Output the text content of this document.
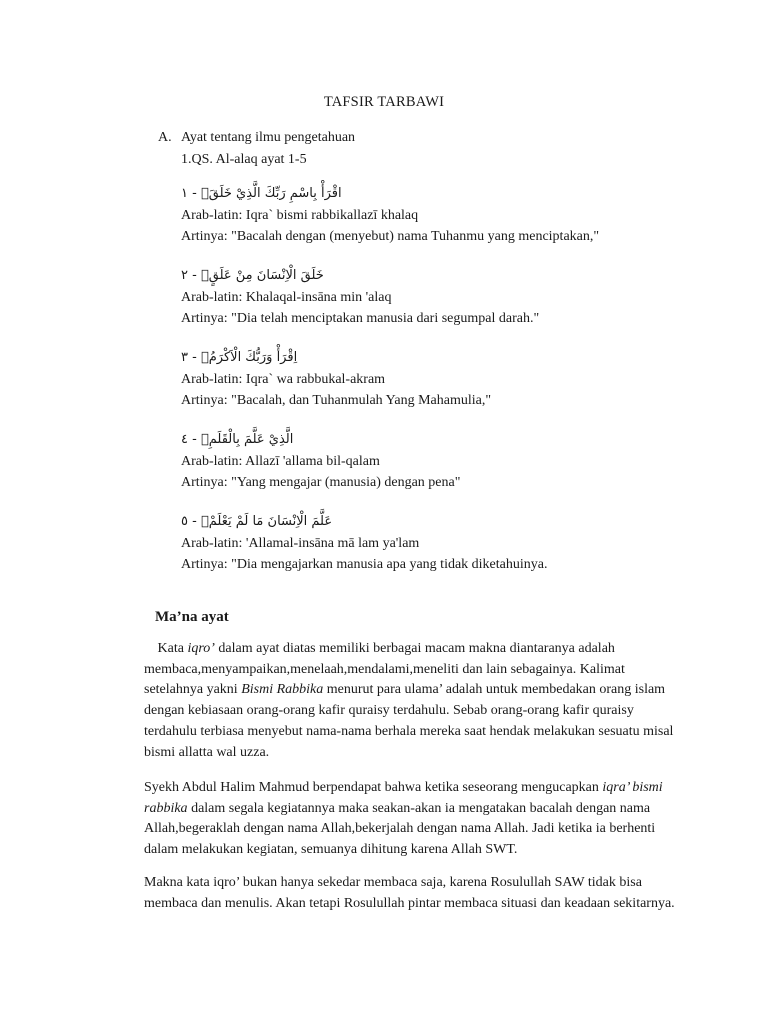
TAFSIR TARBAWI
A. Ayat tentang ilmu pengetahuan
1.QS. Al-alaq ayat 1-5
اقْرَأْ بِاسْمِ رَبِّكَ الَّذِيْ خَلَقَۚ - ١
Arab-latin: Iqra` bismi rabbikallazī khalaq
Artinya: "Bacalah dengan (menyebut) nama Tuhanmu yang menciptakan,"
خَلَقَ الْاِنْسَانَ مِنْ عَلَقٍۚ - ٢
Arab-latin: Khalaqal-insāna min 'alaq
Artinya: "Dia telah menciptakan manusia dari segumpal darah."
اِقْرَأْ وَرَبُّكَ الْاَكْرَمُۙ - ٣
Arab-latin: Iqra` wa rabbukal-akram
Artinya: "Bacalah, dan Tuhanmulah Yang Mahamulia,"
الَّذِيْ عَلَّمَ بِالْقَلَمِۙ - ٤
Arab-latin: Allazī 'allama bil-qalam
Artinya: "Yang mengajar (manusia) dengan pena"
عَلَّمَ الْاِنْسَانَ مَا لَمْ يَعْلَمْۗ - ٥
Arab-latin: 'Allamal-insāna mā lam ya'lam
Artinya: "Dia mengajarkan manusia apa yang tidak diketahuinya.
Ma’na ayat

Kata iqro’ dalam ayat diatas memiliki berbagai macam makna diantaranya adalah membaca,menyampaikan,menelaah,mendalami,meneliti dan lain sebagainya. Kalimat setelahnya yakni Bismi Rabbika menurut para ulama’ adalah untuk membedakan orang islam dengan kebiasaan orang-orang kafir quraisy terdahulu. Sebab orang-orang kafir quraisy terdahulu terbiasa menyebut nama-nama berhala mereka saat hendak melakukan sesuatu misal bismi allatta wal uzza.

Syekh Abdul Halim Mahmud berpendapat bahwa ketika seseorang mengucapkan iqra’ bismi rabbika dalam segala kegiatannya maka seakan-akan ia mengatakan bacalah dengan nama Allah,begeraklah dengan nama Allah,bekerjalah dengan nama Allah. Jadi ketika ia berhenti dalam melakukan kegiatan, semuanya dihitung karena Allah SWT.

Makna kata iqro’ bukan hanya sekedar membaca saja, karena Rosulullah SAW tidak bisa membaca dan menulis. Akan tetapi Rosulullah pintar membaca situasi dan keadaan sekitarnya.
